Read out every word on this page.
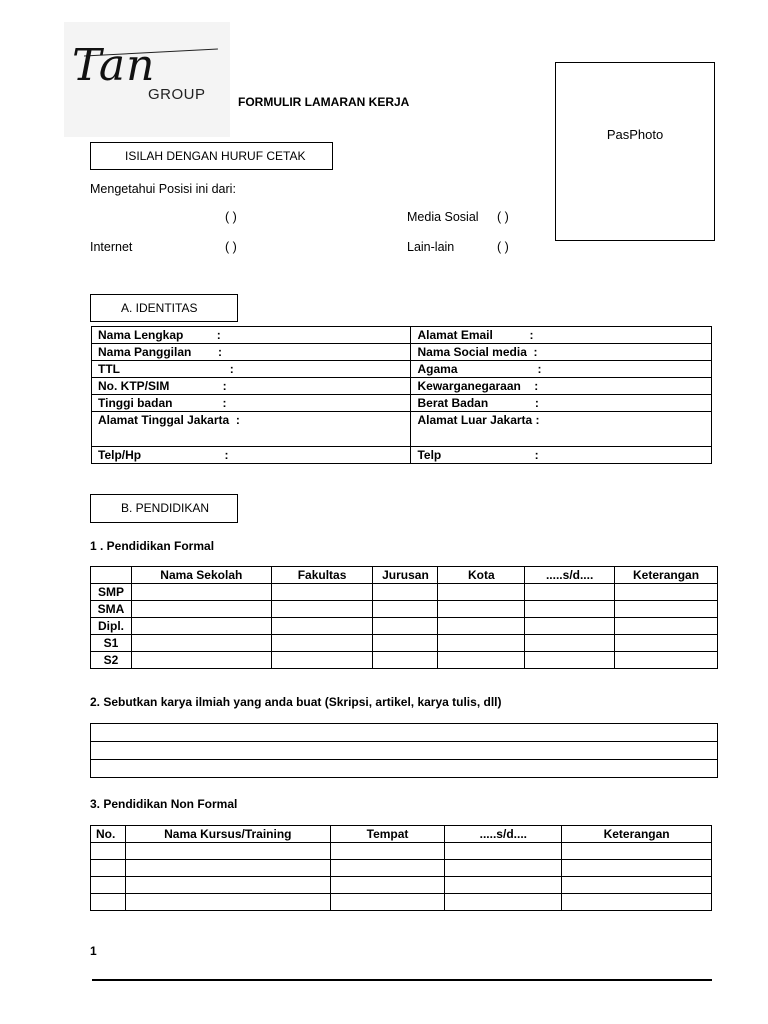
Tan
GROUP	FORMULIR LAMARAN KERJA
PasPhoto
ISILAH DENGAN HURUF CETAK
Mengetahui Posisi ini dari:
( )	Media Sosial ( )
Internet	( )	Lain-lain	( )
A. IDENTITAS
Nama Lengkap          :	Alamat Email           :
Nama Panggilan        :	Nama Social media  :
TTL                                 :	Agama                        :
No. KTP/SIM                :	Kewarganegaraan    :
Tinggi badan               :	Berat Badan              :
Alamat Tinggal Jakarta  :	Alamat Luar Jakarta :
Telp/Hp                         :	Telp                            :
B. PENDIDIKAN
1 . Pendidikan Formal
	Nama Sekolah	Fakultas	Jurusan	Kota	.....s/d....	Keterangan
SMP						
SMA						
Dipl.						
S1						
S2						
2. Sebutkan karya ilmiah yang anda buat (Skripsi, artikel, karya tulis, dll)

3. Pendidikan Non Formal
No.	Nama Kursus/Training	Tempat	.....s/d....	Keterangan

1
